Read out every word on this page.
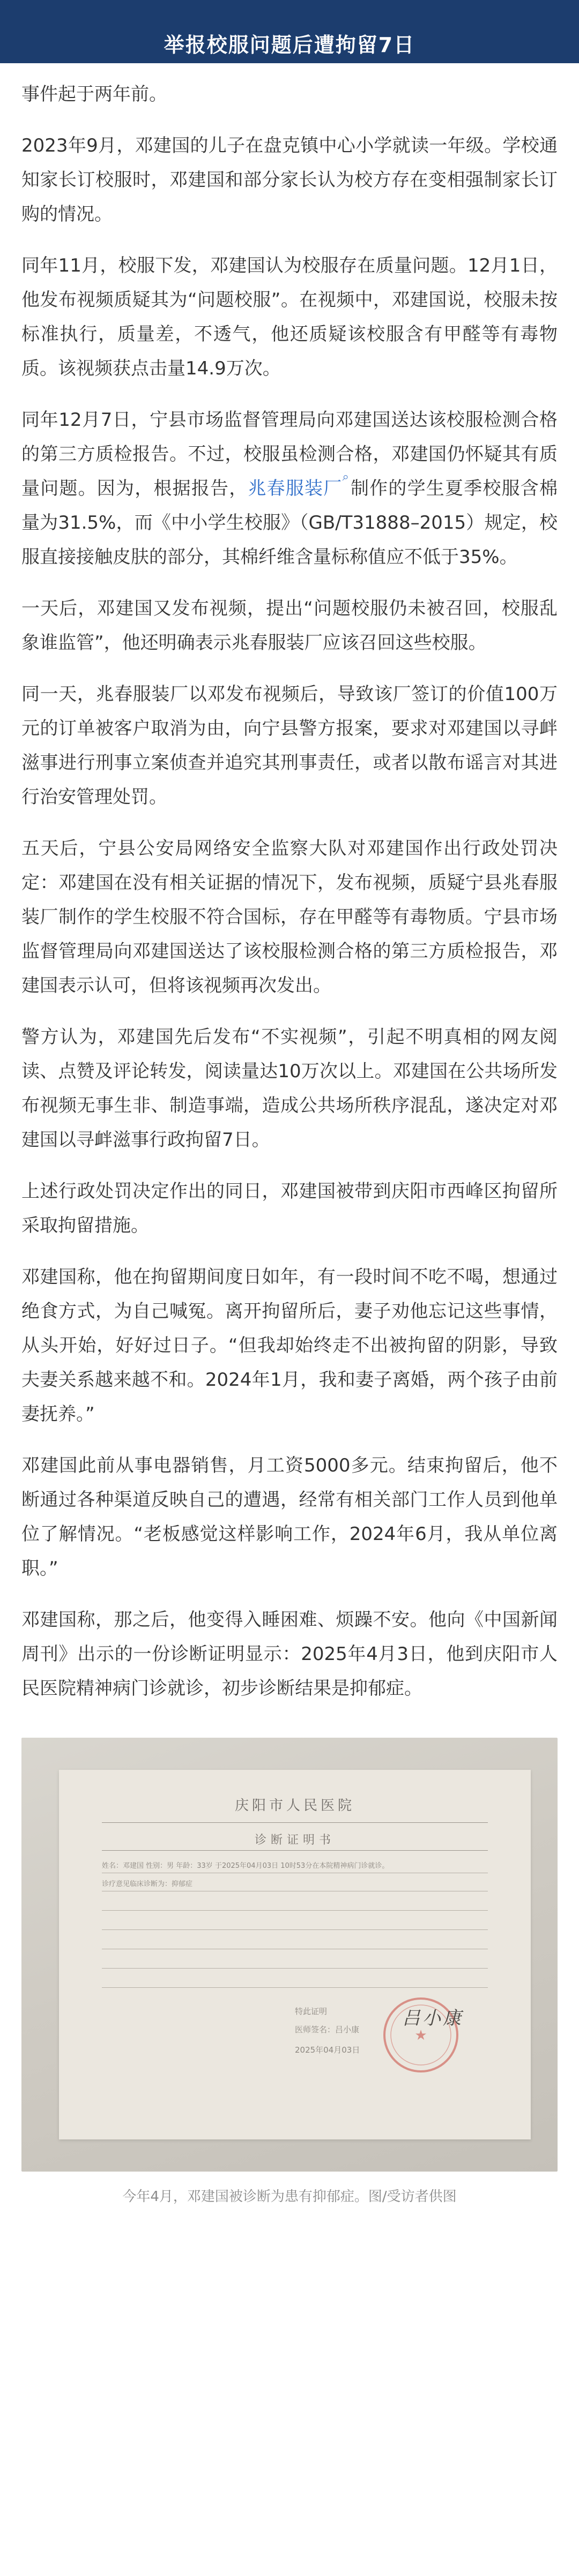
举报校服问题后遭拘留7日

事件起于两年前。

2023年9月，邓建国的儿子在盘克镇中心小学就读一年级。学校通知家长订校服时，邓建国和部分家长认为校方存在变相强制家长订购的情况。

同年11月，校服下发，邓建国认为校服存在质量问题。12月1日，他发布视频质疑其为“问题校服”。在视频中，邓建国说，校服未按标准执行，质量差，不透气，他还质疑该校服含有甲醛等有毒物质。该视频获点击量14.9万次。

同年12月7日，宁县市场监督管理局向邓建国送达该校服检测合格的第三方质检报告。不过，校服虽检测合格，邓建国仍怀疑其有质量问题。因为，根据报告，兆春服装厂⌕制作的学生夏季校服含棉量为31.5%，而《中小学生校服》（GB/T31888–2015）规定，校服直接接触皮肤的部分，其棉纤维含量标称值应不低于35%。

一天后，邓建国又发布视频，提出“问题校服仍未被召回，校服乱象谁监管”，他还明确表示兆春服装厂应该召回这些校服。

同一天，兆春服装厂以邓发布视频后，导致该厂签订的价值100万元的订单被客户取消为由，向宁县警方报案，要求对邓建国以寻衅滋事进行刑事立案侦查并追究其刑事责任，或者以散布谣言对其进行治安管理处罚。

五天后，宁县公安局网络安全监察大队对邓建国作出行政处罚决定：邓建国在没有相关证据的情况下，发布视频，质疑宁县兆春服装厂制作的学生校服不符合国标，存在甲醛等有毒物质。宁县市场监督管理局向邓建国送达了该校服检测合格的第三方质检报告，邓建国表示认可，但将该视频再次发出。

警方认为，邓建国先后发布“不实视频”，引起不明真相的网友阅读、点赞及评论转发，阅读量达10万次以上。邓建国在公共场所发布视频无事生非、制造事端，造成公共场所秩序混乱，遂决定对邓建国以寻衅滋事行政拘留7日。

上述行政处罚决定作出的同日，邓建国被带到庆阳市西峰区拘留所采取拘留措施。

邓建国称，他在拘留期间度日如年，有一段时间不吃不喝，想通过绝食方式，为自己喊冤。离开拘留所后，妻子劝他忘记这些事情，从头开始，好好过日子。“但我却始终走不出被拘留的阴影，导致夫妻关系越来越不和。2024年1月，我和妻子离婚，两个孩子由前妻抚养。”

邓建国此前从事电器销售，月工资5000多元。结束拘留后，他不断通过各种渠道反映自己的遭遇，经常有相关部门工作人员到他单位了解情况。“老板感觉这样影响工作，2024年6月，我从单位离职。”

邓建国称，那之后，他变得入睡困难、烦躁不安。他向《中国新闻周刊》出示的一份诊断证明显示：2025年4月3日，他到庆阳市人民医院精神病门诊就诊，初步诊断结果是抑郁症。

庆阳市人民医院
诊断证明书
姓名：邓建国 性别：男 年龄：33岁 于2025年04月03日 10时53分在本院精神病门诊就诊。
诊疗意见临床诊断为：抑郁症
特此证明
医师签名：吕小康
2025年04月03日
★
吕小康
今年4月，邓建国被诊断为患有抑郁症。图/受访者供图
